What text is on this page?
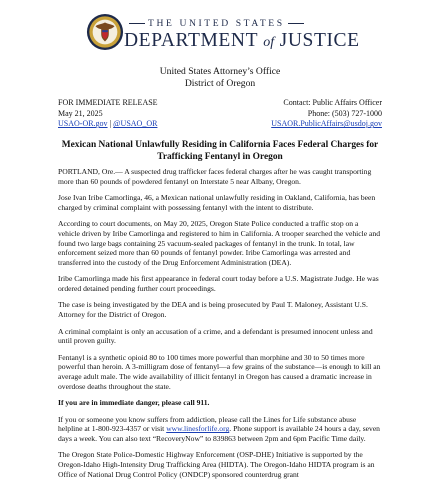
THE UNITED STATES
DEPARTMENT of JUSTICE
United States Attorney’s Office
District of Oregon
FOR IMMEDIATE RELEASE
May 21, 2025
USAO-OR.gov | @USAO_OR
Contact: Public Affairs Officer
Phone: (503) 727-1000
USAOR.PublicAffairs@usdoj.gov
Mexican National Unlawfully Residing in California Faces Federal Charges for Trafficking Fentanyl in Oregon

PORTLAND, Ore.— A suspected drug trafficker faces federal charges after he was caught transporting more than 60 pounds of powdered fentanyl on Interstate 5 near Albany, Oregon.

Jose Ivan Iribe Camorlinga, 46, a Mexican national unlawfully residing in Oakland, California, has been charged by criminal complaint with possessing fentanyl with the intent to distribute.

According to court documents, on May 20, 2025, Oregon State Police conducted a traffic stop on a vehicle driven by Iribe Camorlinga and registered to him in California. A trooper searched the vehicle and found two large bags containing 25 vacuum-sealed packages of fentanyl in the trunk. In total, law enforcement seized more than 60 pounds of fentanyl powder. Iribe Camorlinga was arrested and transferred into the custody of the Drug Enforcement Administration (DEA).

Iribe Camorlinga made his first appearance in federal court today before a U.S. Magistrate Judge. He was ordered detained pending further court proceedings.

The case is being investigated by the DEA and is being prosecuted by Paul T. Maloney, Assistant U.S. Attorney for the District of Oregon.

A criminal complaint is only an accusation of a crime, and a defendant is presumed innocent unless and until proven guilty.

Fentanyl is a synthetic opioid 80 to 100 times more powerful than morphine and 30 to 50 times more powerful than heroin. A 3-milligram dose of fentanyl—a few grains of the substance—is enough to kill an average adult male. The wide availability of illicit fentanyl in Oregon has caused a dramatic increase in overdose deaths throughout the state.

If you are in immediate danger, please call 911.

If you or someone you know suffers from addiction, please call the Lines for Life substance abuse helpline at 1-800-923-4357 or visit www.linesforlife.org. Phone support is available 24 hours a day, seven days a week. You can also text “RecoveryNow” to 839863 between 2pm and 6pm Pacific Time daily.

The Oregon State Police-Domestic Highway Enforcement (OSP-DHE) Initiative is supported by the Oregon-Idaho High-Intensity Drug Trafficking Area (HIDTA). The Oregon-Idaho HIDTA program is an Office of National Drug Control Policy (ONDCP) sponsored counterdrug grant
